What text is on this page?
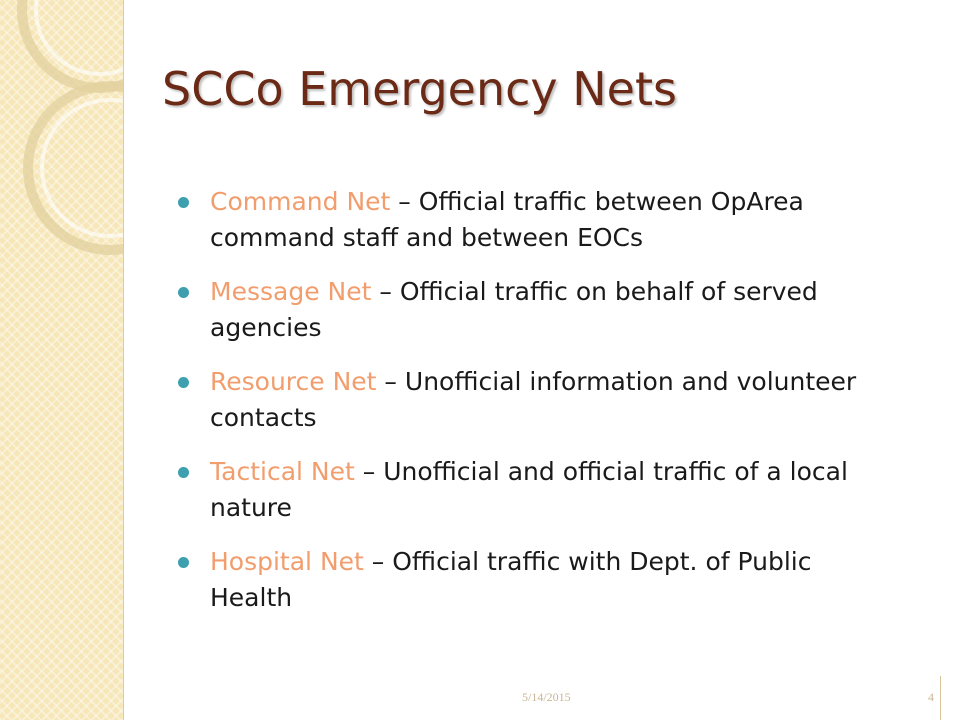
SCCo Emergency Nets
Command Net – Official traffic between OpArea command staff and between EOCs
Message Net – Official traffic on behalf of served agencies
Resource Net – Unofficial information and volunteer contacts
Tactical Net – Unofficial and official traffic of a local nature
Hospital Net – Official traffic with Dept. of Public Health
5/14/2015	4
